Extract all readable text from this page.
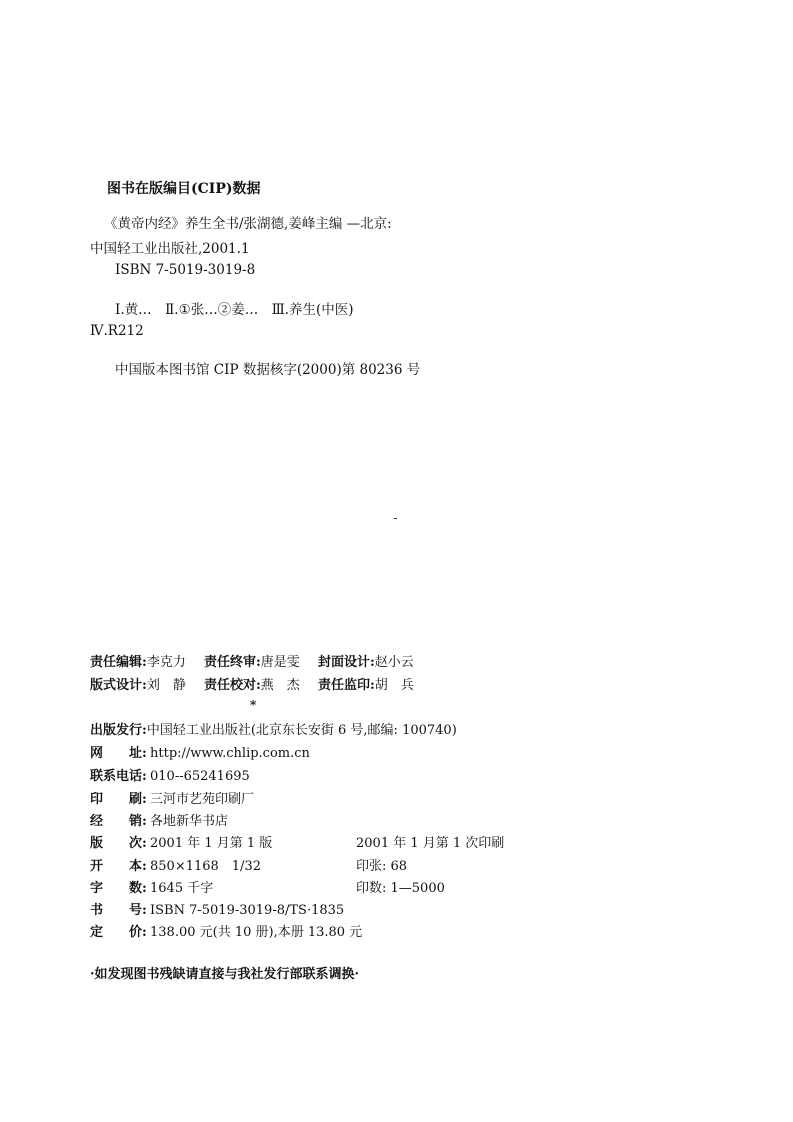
图书在版编目(CIP)数据
《黄帝内经》养生全书/张湖德,姜峰主编 —北京:
中国轻工业出版社,2001.1
ISBN 7-5019-3019-8
Ⅰ.黄…　Ⅱ.①张…②姜…　Ⅲ.养生(中医)
Ⅳ.R212
中国版本图书馆 CIP 数据核字(2000)第 80236 号
责任编辑:李克力 责任终审:唐是雯 封面设计:赵小云
版式设计:刘　静 责任校对:燕　杰 责任监印:胡　兵
*
出版发行:中国轻工业出版社(北京东长安街 6 号,邮编: 100740)
网　　址: http://www.chlip.com.cn
联系电话: 010--65241695
印　　刷: 三河市艺苑印刷厂
经　　销: 各地新华书店
版　　次: 2001 年 1 月第 1 版	2001 年 1 月第 1 次印刷
开　　本: 850×1168　1/32	印张: 68
字　　数: 1645 千字	印数: 1—5000
书　　号: ISBN 7-5019-3019-8/TS·1835
定　　价: 138.00 元(共 10 册),本册 13.80 元
·如发现图书残缺请直接与我社发行部联系调换·
